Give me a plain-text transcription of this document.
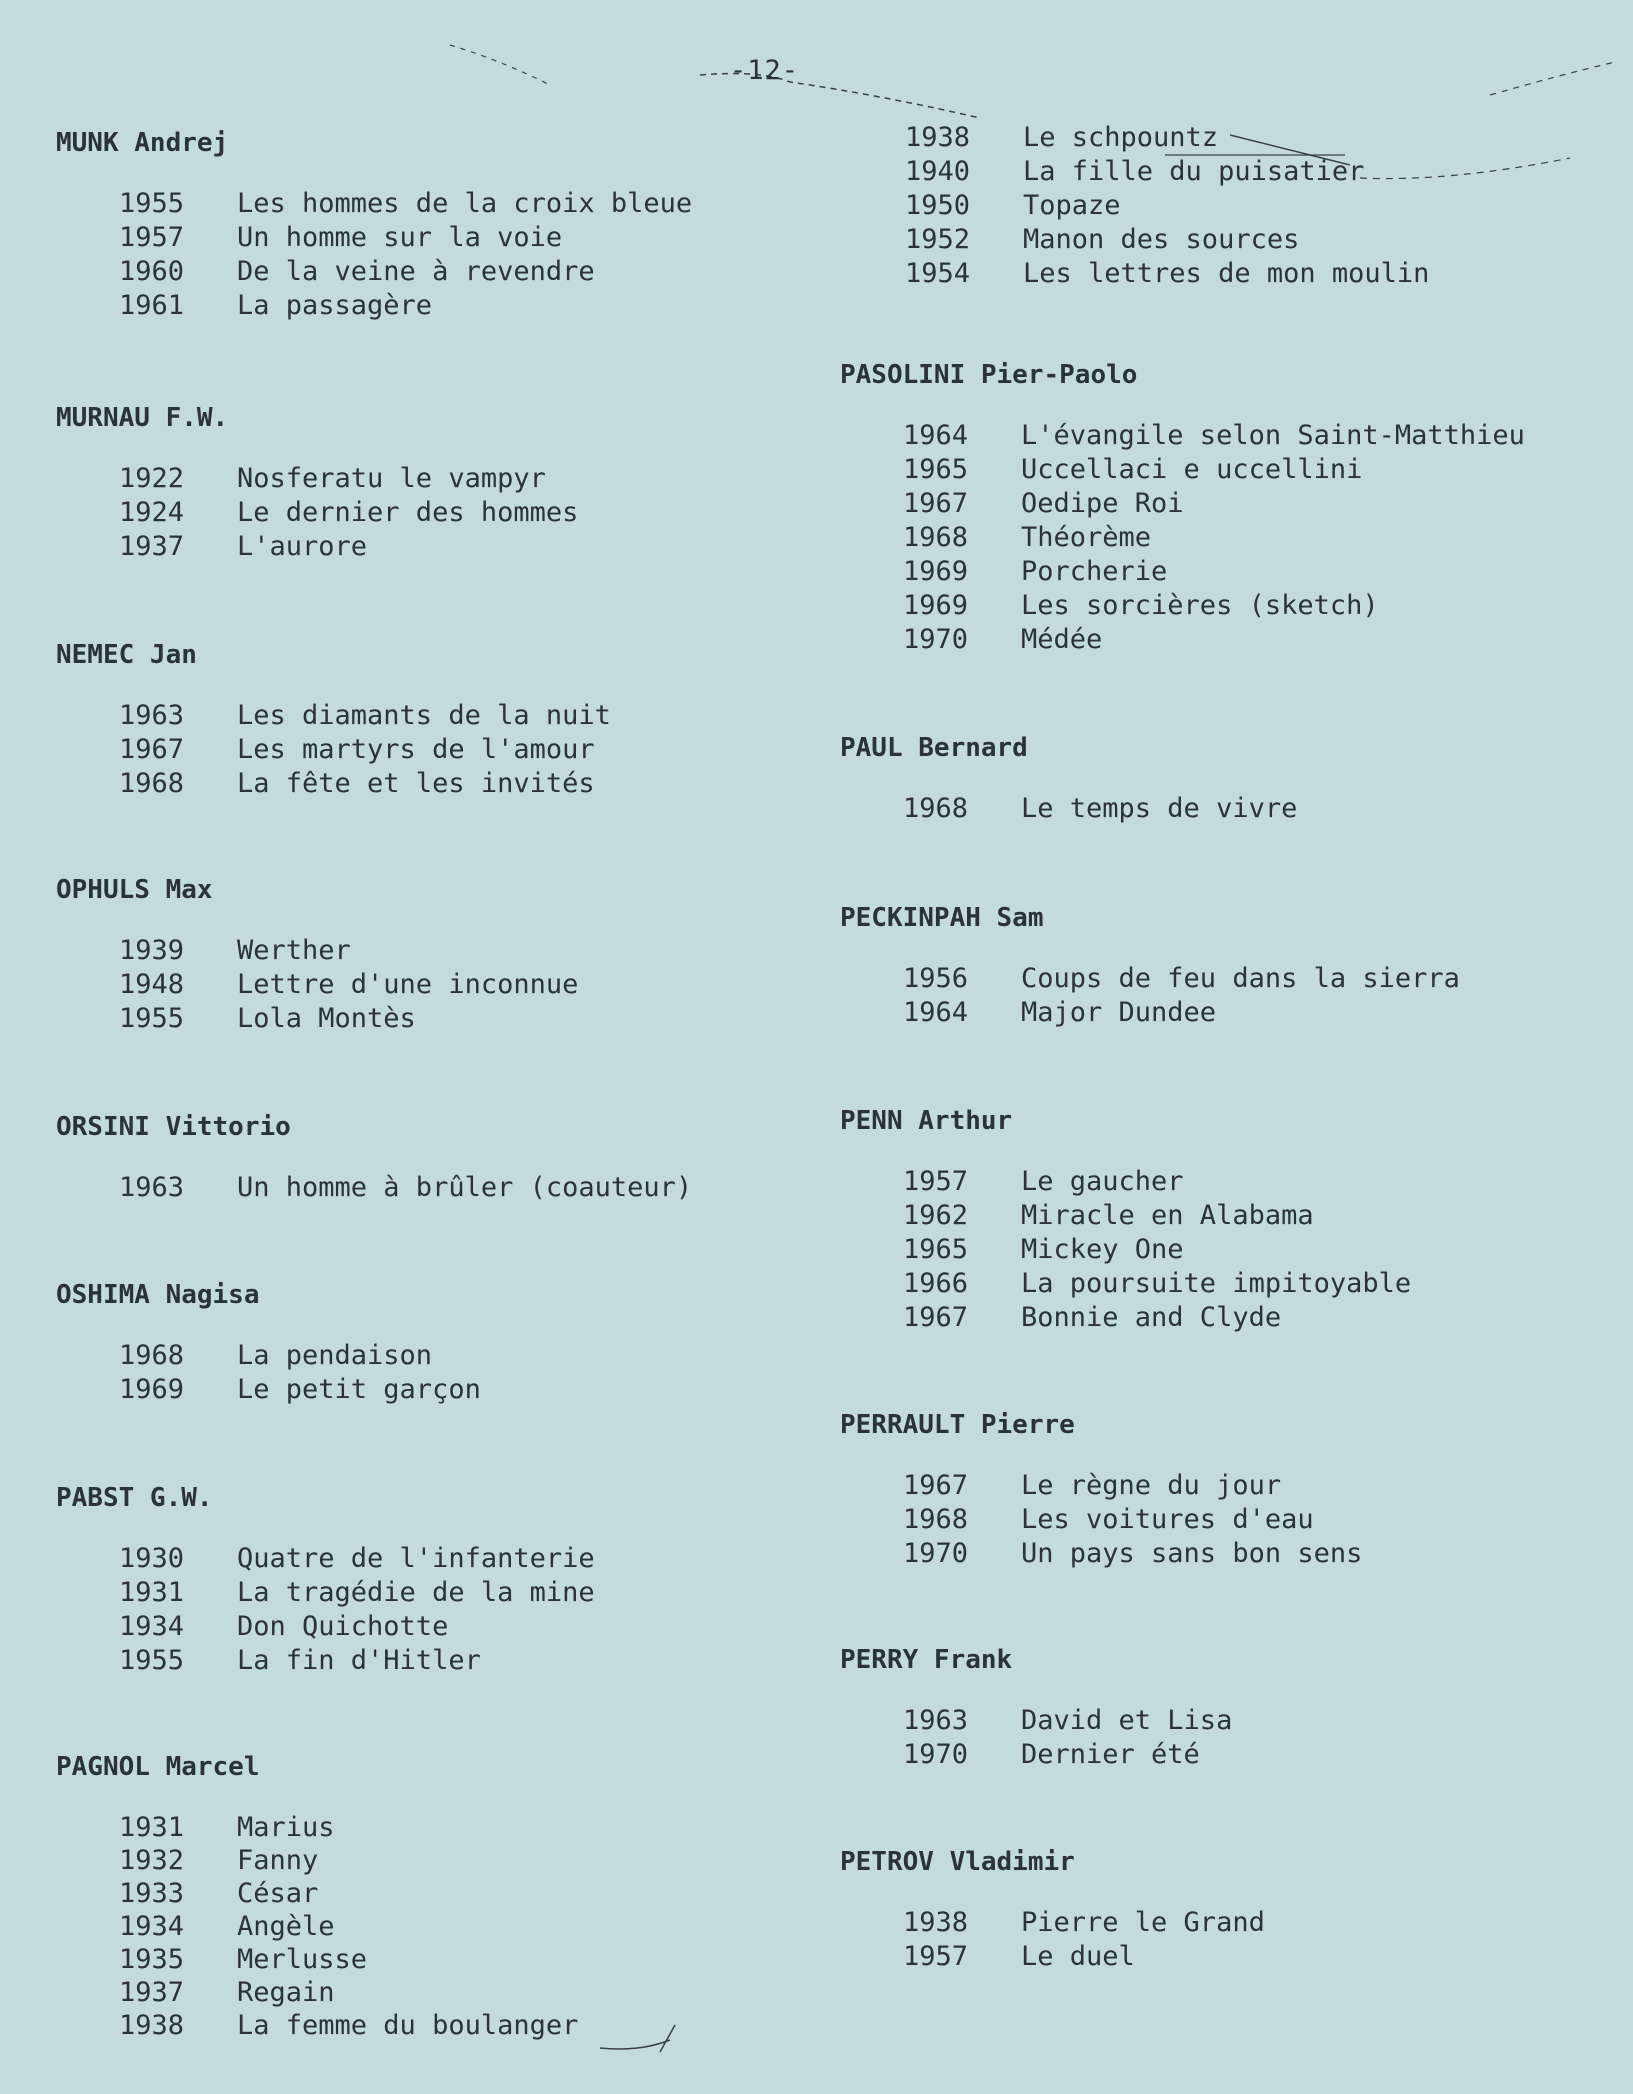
-12-
MUNK Andrej
1955	Les hommes de la croix bleue
1957	Un homme sur la voie
1960	De la veine à revendre
1961	La passagère
MURNAU F.W.
1922	Nosferatu le vampyr
1924	Le dernier des hommes
1937	L'aurore
NEMEC Jan
1963	Les diamants de la nuit
1967	Les martyrs de l'amour
1968	La fête et les invités
OPHULS Max
1939	Werther
1948	Lettre d'une inconnue
1955	Lola Montès
ORSINI Vittorio
1963	Un homme à brûler (coauteur)
OSHIMA Nagisa
1968	La pendaison
1969	Le petit garçon
PABST G.W.
1930	Quatre de l'infanterie
1931	La tragédie de la mine
1934	Don Quichotte
1955	La fin d'Hitler
PAGNOL Marcel
1931	Marius
1932	Fanny
1933	César
1934	Angèle
1935	Merlusse
1937	Regain
1938	La femme du boulanger
1938	Le schpountz
1940	La fille du puisatier
1950	Topaze
1952	Manon des sources
1954	Les lettres de mon moulin
PASOLINI Pier-Paolo
1964	L'évangile selon Saint-Matthieu
1965	Uccellaci e uccellini
1967	Oedipe Roi
1968	Théorème
1969	Porcherie
1969	Les sorcières (sketch)
1970	Médée
PAUL Bernard
1968	Le temps de vivre
PECKINPAH Sam
1956	Coups de feu dans la sierra
1964	Major Dundee
PENN Arthur
1957	Le gaucher
1962	Miracle en Alabama
1965	Mickey One
1966	La poursuite impitoyable
1967	Bonnie and Clyde
PERRAULT Pierre
1967	Le règne du jour
1968	Les voitures d'eau
1970	Un pays sans bon sens
PERRY Frank
1963	David et Lisa
1970	Dernier été
PETROV Vladimir
1938	Pierre le Grand
1957	Le duel
